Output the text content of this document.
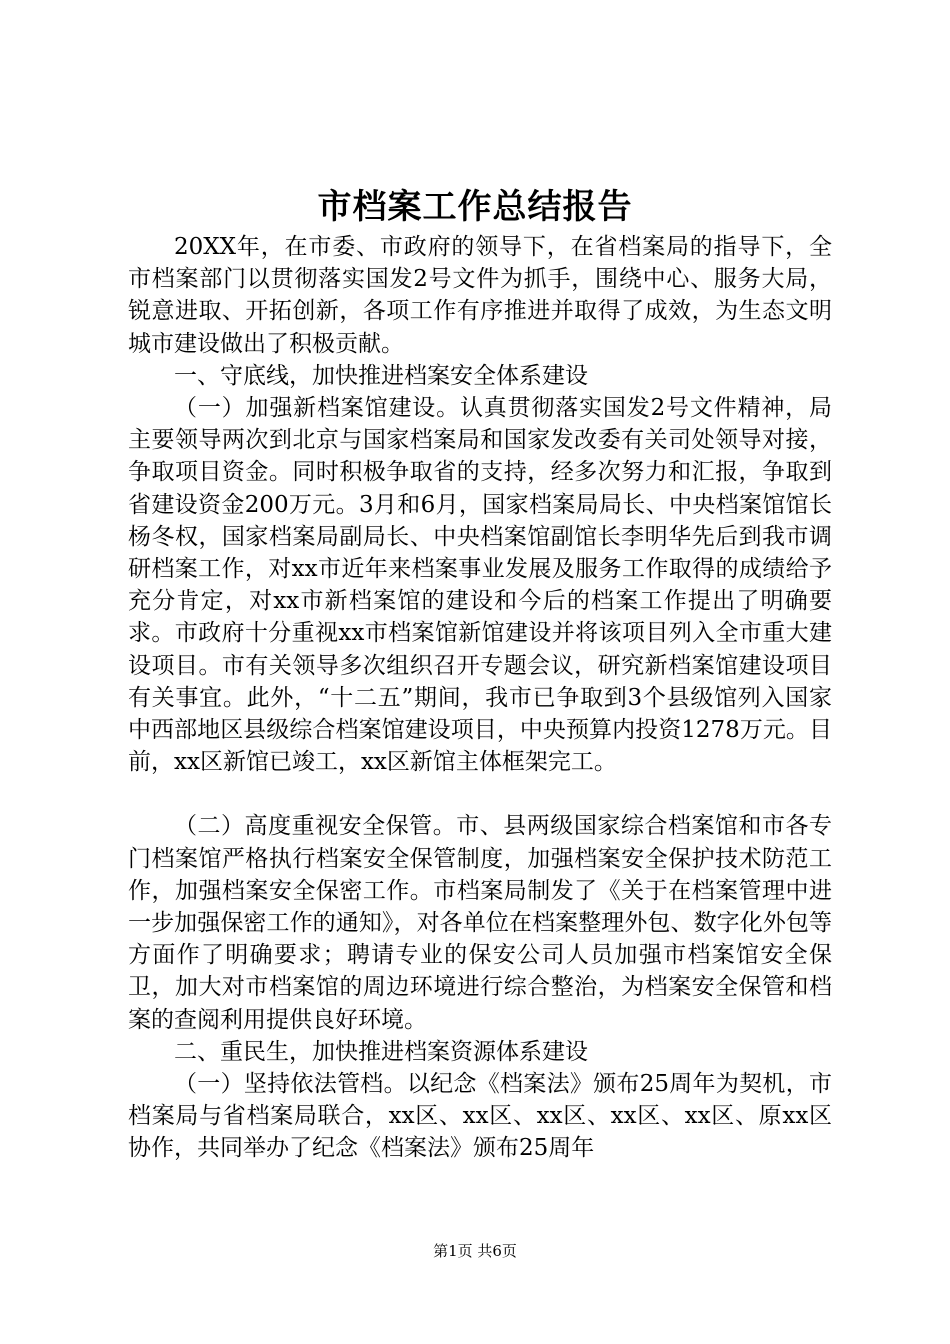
市档案工作总结报告

20XX年，在市委、市政府的领导下，在省档案局的指导下，全市档案部门以贯彻落实国发2号文件为抓手，围绕中心、服务大局，锐意进取、开拓创新，各项工作有序推进并取得了成效，为生态文明城市建设做出了积极贡献。

一、守底线，加快推进档案安全体系建设

（一）加强新档案馆建设。认真贯彻落实国发2号文件精神，局主要领导两次到北京与国家档案局和国家发改委有关司处领导对接，争取项目资金。同时积极争取省的支持，经多次努力和汇报，争取到省建设资金200万元。3月和6月，国家档案局局长、中央档案馆馆长杨冬权，国家档案局副局长、中央档案馆副馆长李明华先后到我市调研档案工作，对xx市近年来档案事业发展及服务工作取得的成绩给予充分肯定，对xx市新档案馆的建设和今后的档案工作提出了明确要求。市政府十分重视xx市档案馆新馆建设并将该项目列入全市重大建设项目。市有关领导多次组织召开专题会议，研究新档案馆建设项目有关事宜。此外，“十二五”期间，我市已争取到3个县级馆列入国家中西部地区县级综合档案馆建设项目，中央预算内投资1278万元。目前，xx区新馆已竣工，xx区新馆主体框架完工。

（二）高度重视安全保管。市、县两级国家综合档案馆和市各专门档案馆严格执行档案安全保管制度，加强档案安全保护技术防范工作，加强档案安全保密工作。市档案局制发了《关于在档案管理中进一步加强保密工作的通知》，对各单位在档案整理外包、数字化外包等方面作了明确要求；聘请专业的保安公司人员加强市档案馆安全保卫，加大对市档案馆的周边环境进行综合整治，为档案安全保管和档案的查阅利用提供良好环境。

二、重民生，加快推进档案资源体系建设

（一）坚持依法管档。以纪念《档案法》颁布25周年为契机，市档案局与省档案局联合，xx区、xx区、xx区、xx区、xx区、原xx区协作，共同举办了纪念《档案法》颁布25周年

第1页 共6页
